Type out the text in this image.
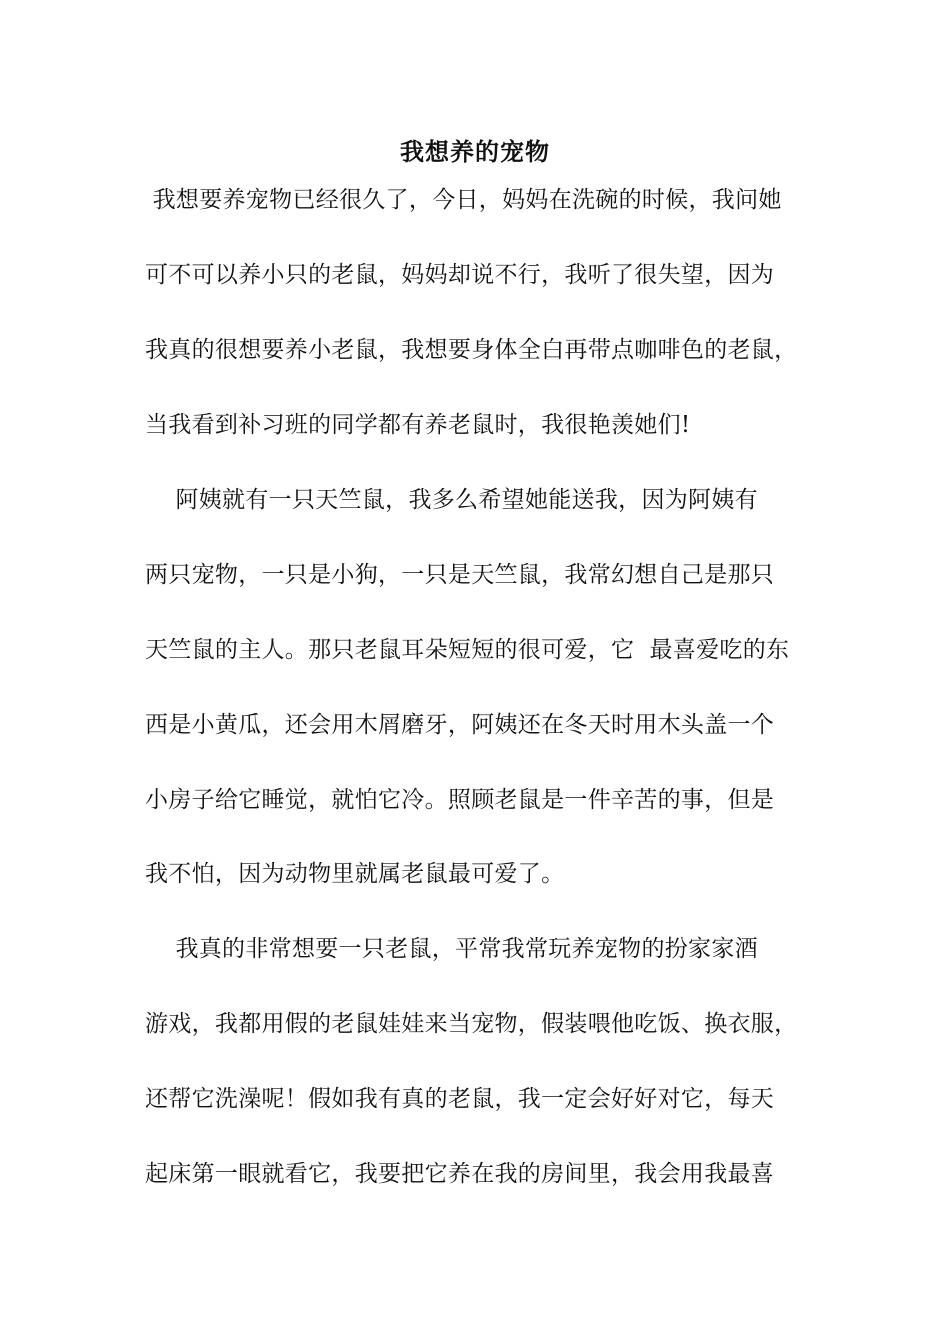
我想养的宠物
我想要养宠物已经很久了，今日，妈妈在洗碗的时候，我问她
可不可以养小只的老鼠，妈妈却说不行，我听了很失望，因为
我真的很想要养小老鼠，我想要身体全白再带点咖啡色的老鼠，
当我看到补习班的同学都有养老鼠时，我很艳羡她们!
阿姨就有一只天竺鼠，我多么希望她能送我，因为阿姨有
两只宠物，一只是小狗，一只是天竺鼠，我常幻想自己是那只
天竺鼠的主人。那只老鼠耳朵短短的很可爱，它  最喜爱吃的东
西是小黄瓜，还会用木屑磨牙，阿姨还在冬天时用木头盖一个
小房子给它睡觉，就怕它冷。照顾老鼠是一件辛苦的事，但是
我不怕，因为动物里就属老鼠最可爱了。
我真的非常想要一只老鼠，平常我常玩养宠物的扮家家酒
游戏，我都用假的老鼠娃娃来当宠物，假装喂他吃饭、换衣服，
还帮它洗澡呢！假如我有真的老鼠，我一定会好好对它，每天
起床第一眼就看它，我要把它养在我的房间里，我会用我最喜
